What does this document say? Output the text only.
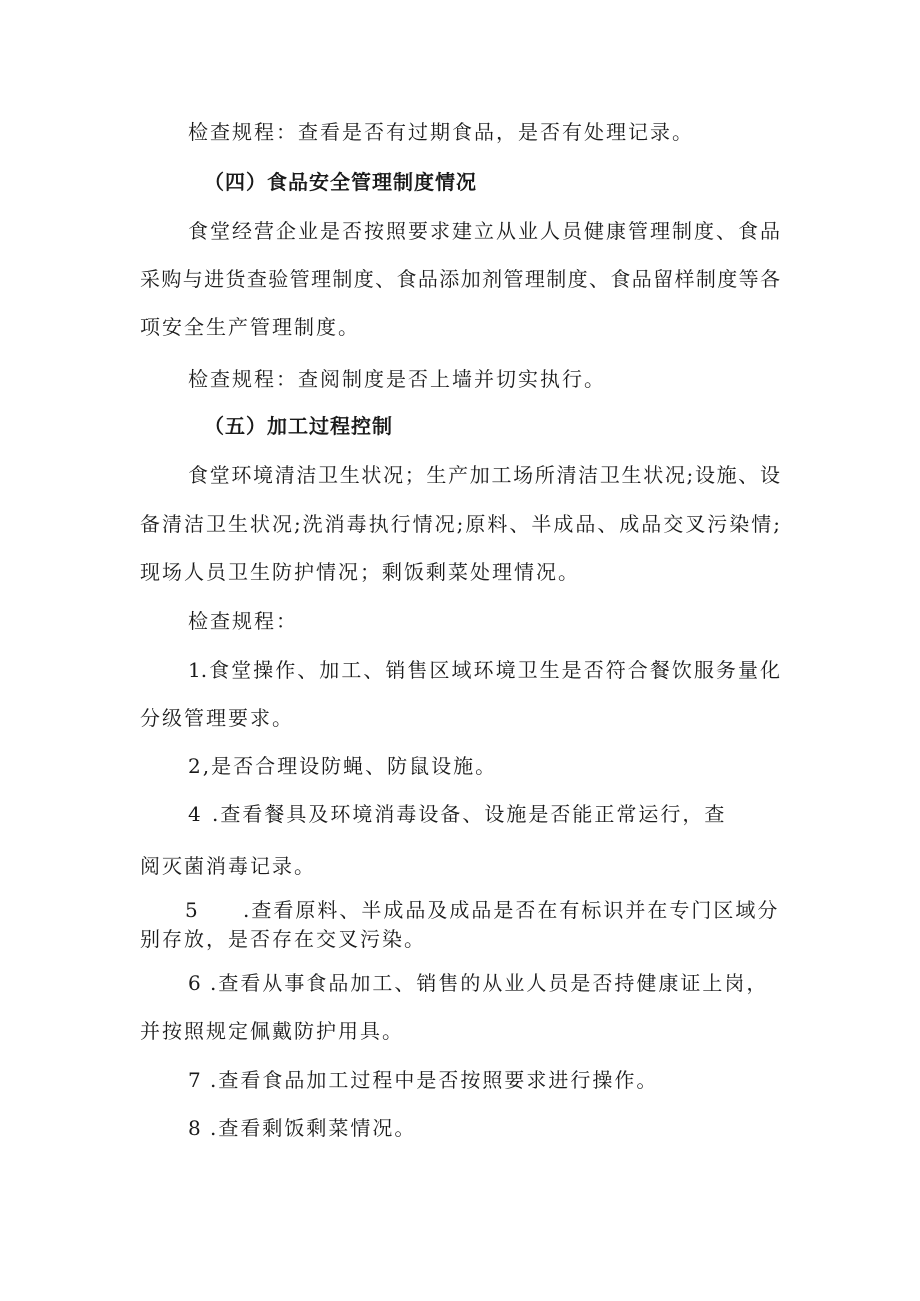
检查规程：查看是否有过期食品，是否有处理记录。
（四）食品安全管理制度情况
食堂经营企业是否按照要求建立从业人员健康管理制度、食品
采购与进货查验管理制度、食品添加剂管理制度、食品留样制度等各
项安全生产管理制度。
检查规程：查阅制度是否上墙并切实执行。
（五）加工过程控制
食堂环境清洁卫生状况；生产加工场所清洁卫生状况;设施、设
备清洁卫生状况;洗消毒执行情况;原料、半成品、成品交叉污染情;
现场人员卫生防护情况；剩饭剩菜处理情况。
检查规程：
1.食堂操作、加工、销售区域环境卫生是否符合餐饮服务量化
分级管理要求。
2,是否合理设防蝇、防鼠设施。
4 .查看餐具及环境消毒设备、设施是否能正常运行，查
阅灭菌消毒记录。
5 .查看原料、半成品及成品是否在有标识并在专门区域分
别存放，是否存在交叉污染。
6 .查看从事食品加工、销售的从业人员是否持健康证上岗，
并按照规定佩戴防护用具。
7 .查看食品加工过程中是否按照要求进行操作。
8 .查看剩饭剩菜情况。
